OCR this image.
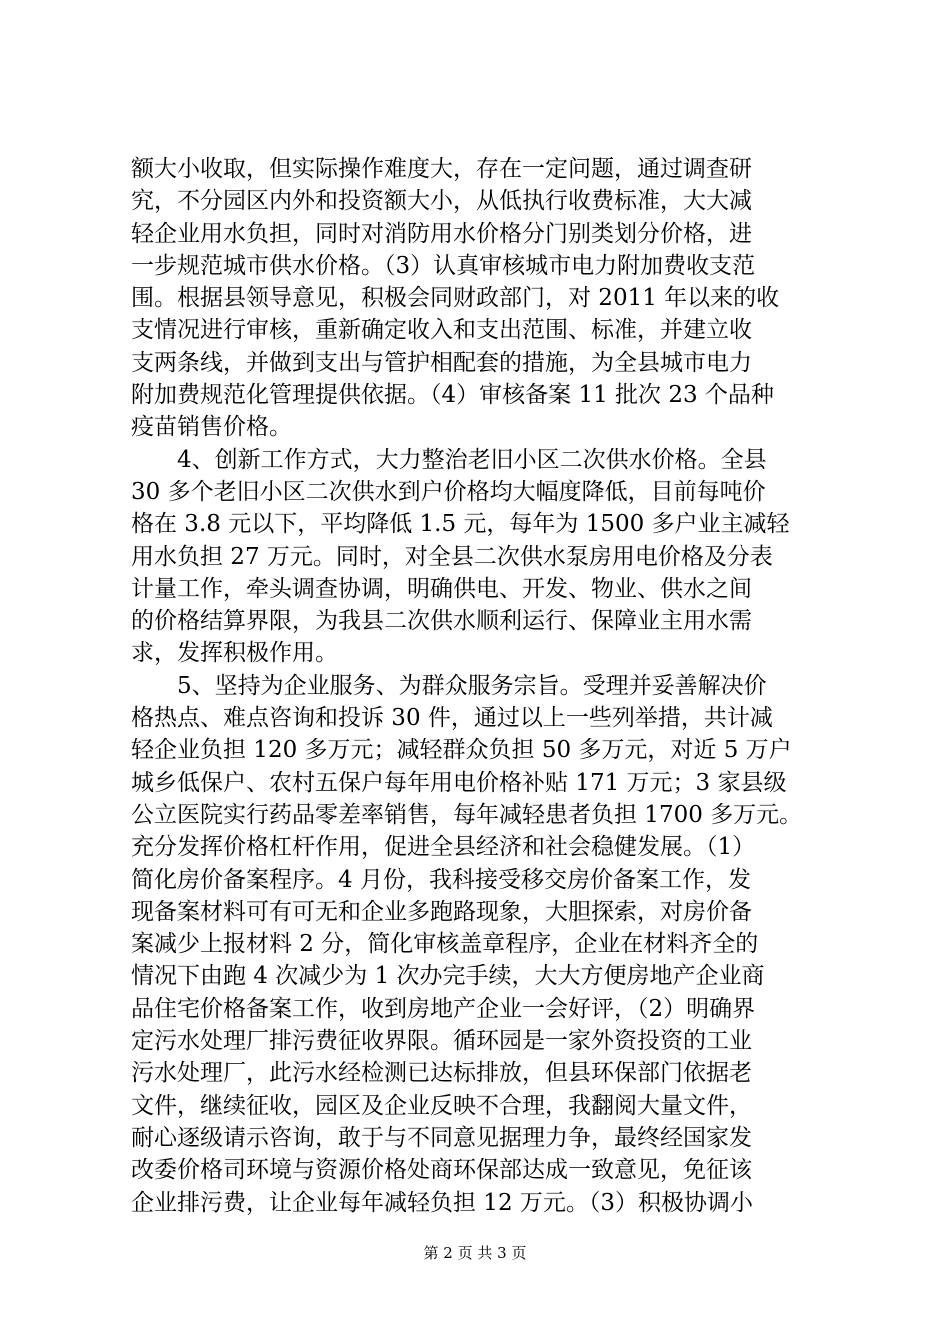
额大小收取，但实际操作难度大，存在一定问题，通过调查研
究，不分园区内外和投资额大小，从低执行收费标准，大大减
轻企业用水负担，同时对消防用水价格分门别类划分价格，进
一步规范城市供水价格。（3）认真审核城市电力附加费收支范
围。根据县领导意见，积极会同财政部门，对 2011 年以来的收
支情况进行审核，重新确定收入和支出范围、标准，并建立收
支两条线，并做到支出与管护相配套的措施，为全县城市电力
附加费规范化管理提供依据。（4）审核备案 11 批次 23 个品种
疫苗销售价格。
　　4、创新工作方式，大力整治老旧小区二次供水价格。全县
30 多个老旧小区二次供水到户价格均大幅度降低，目前每吨价
格在 3.8 元以下，平均降低 1.5 元，每年为 1500 多户业主减轻
用水负担 27 万元。同时，对全县二次供水泵房用电价格及分表
计量工作，牵头调查协调，明确供电、开发、物业、供水之间
的价格结算界限，为我县二次供水顺利运行、保障业主用水需
求，发挥积极作用。
　　5、坚持为企业服务、为群众服务宗旨。受理并妥善解决价
格热点、难点咨询和投诉 30 件，通过以上一些列举措，共计减
轻企业负担 120 多万元；减轻群众负担 50 多万元，对近 5 万户
城乡低保户、农村五保户每年用电价格补贴 171 万元；3 家县级
公立医院实行药品零差率销售，每年减轻患者负担 1700 多万元。
充分发挥价格杠杆作用，促进全县经济和社会稳健发展。（1）
简化房价备案程序。4 月份，我科接受移交房价备案工作，发
现备案材料可有可无和企业多跑路现象，大胆探索，对房价备
案减少上报材料 2 分，简化审核盖章程序，企业在材料齐全的
情况下由跑 4 次减少为 1 次办完手续，大大方便房地产企业商
品住宅价格备案工作，收到房地产企业一会好评，（2）明确界
定污水处理厂排污费征收界限。循环园是一家外资投资的工业
污水处理厂，此污水经检测已达标排放，但县环保部门依据老
文件，继续征收，园区及企业反映不合理，我翻阅大量文件，
耐心逐级请示咨询，敢于与不同意见据理力争，最终经国家发
改委价格司环境与资源价格处商环保部达成一致意见，免征该
企业排污费，让企业每年减轻负担 12 万元。（3）积极协调小
第 2 页 共 3 页
